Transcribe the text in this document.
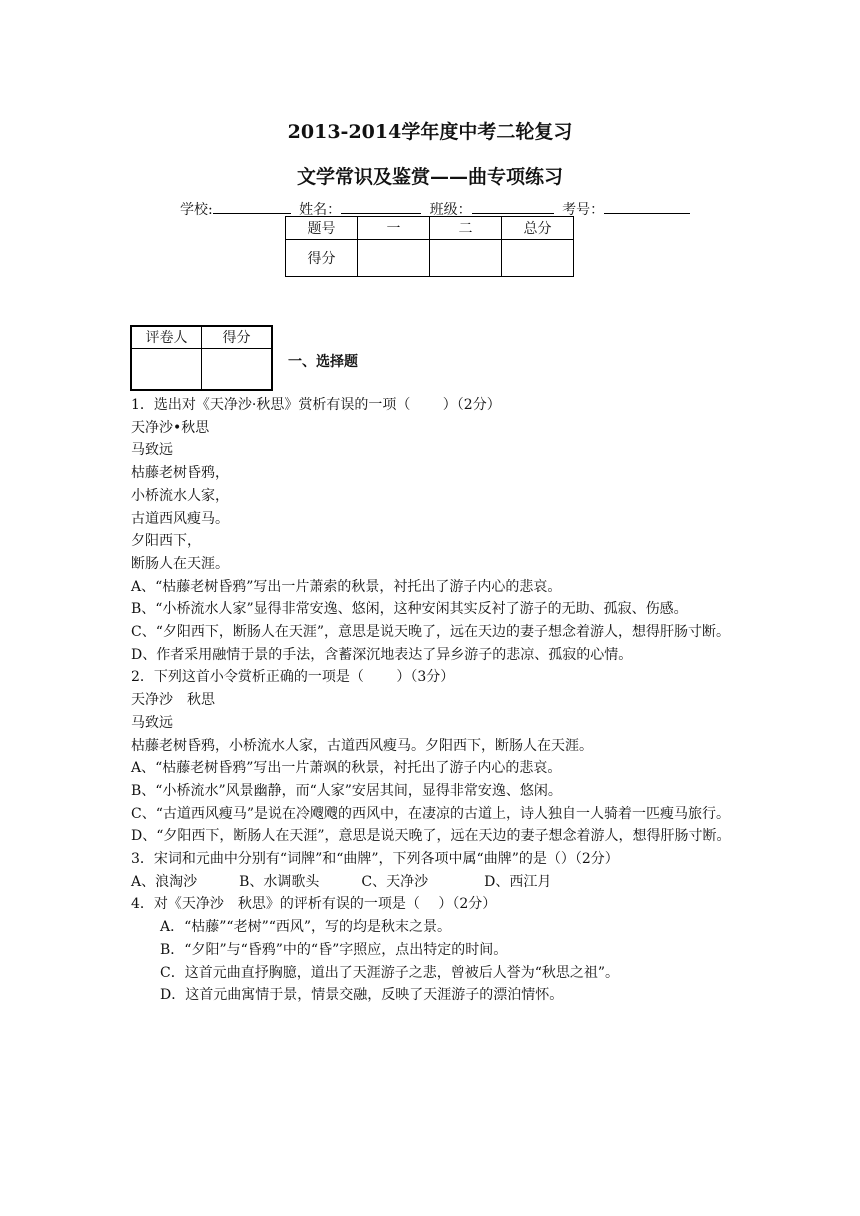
2013-2014学年度中考二轮复习
文学常识及鉴赏——曲专项练习
学校:	姓名：	班级：	考号：
题号	一	二	总分
得分			
评卷人	得分

一、选择题
1．选出对《天净沙·秋思》赏析有误的一项（　　 ）（2分）
天净沙•秋思
马致远
枯藤老树昏鸦，
小桥流水人家，
古道西风瘦马。
夕阳西下，
断肠人在天涯。
A、“枯藤老树昏鸦”写出一片萧索的秋景，衬托出了游子内心的悲哀。
B、“小桥流水人家”显得非常安逸、悠闲，这种安闲其实反衬了游子的无助、孤寂、伤感。
C、“夕阳西下，断肠人在天涯”，意思是说天晚了，远在天边的妻子想念着游人，想得肝肠寸断。
D、作者采用融情于景的手法，含蓄深沉地表达了异乡游子的悲凉、孤寂的心情。
2．下列这首小令赏析正确的一项是（　　 ）（3分）
天净沙　秋思
马致远
枯藤老树昏鸦，小桥流水人家，古道西风瘦马。夕阳西下，断肠人在天涯。
A、“枯藤老树昏鸦”写出一片萧飒的秋景，衬托出了游子内心的悲哀。
B、“小桥流水”风景幽静，而“人家”安居其间，显得非常安逸、悠闲。
C、“古道西风瘦马”是说在冷飕飕的西风中，在凄凉的古道上，诗人独自一人骑着一匹瘦马旅行。
D、“夕阳西下，断肠人在天涯”，意思是说天晚了，远在天边的妻子想念着游人，想得肝肠寸断。
3．宋词和元曲中分别有“词牌”和“曲牌”，下列各项中属“曲牌”的是（）（2分）
A、浪淘沙　　　B、水调歌头　　　C、天净沙　　　　D、西江月
4．对《天净沙　秋思》的评析有误的一项是（　 ）（2分）
A．“枯藤”“老树”“西风”，写的均是秋末之景。
B．“夕阳”与“昏鸦”中的“昏”字照应，点出特定的时间。
C．这首元曲直抒胸臆，道出了天涯游子之悲，曾被后人誉为“秋思之祖”。
D．这首元曲寓情于景，情景交融，反映了天涯游子的漂泊情怀。
